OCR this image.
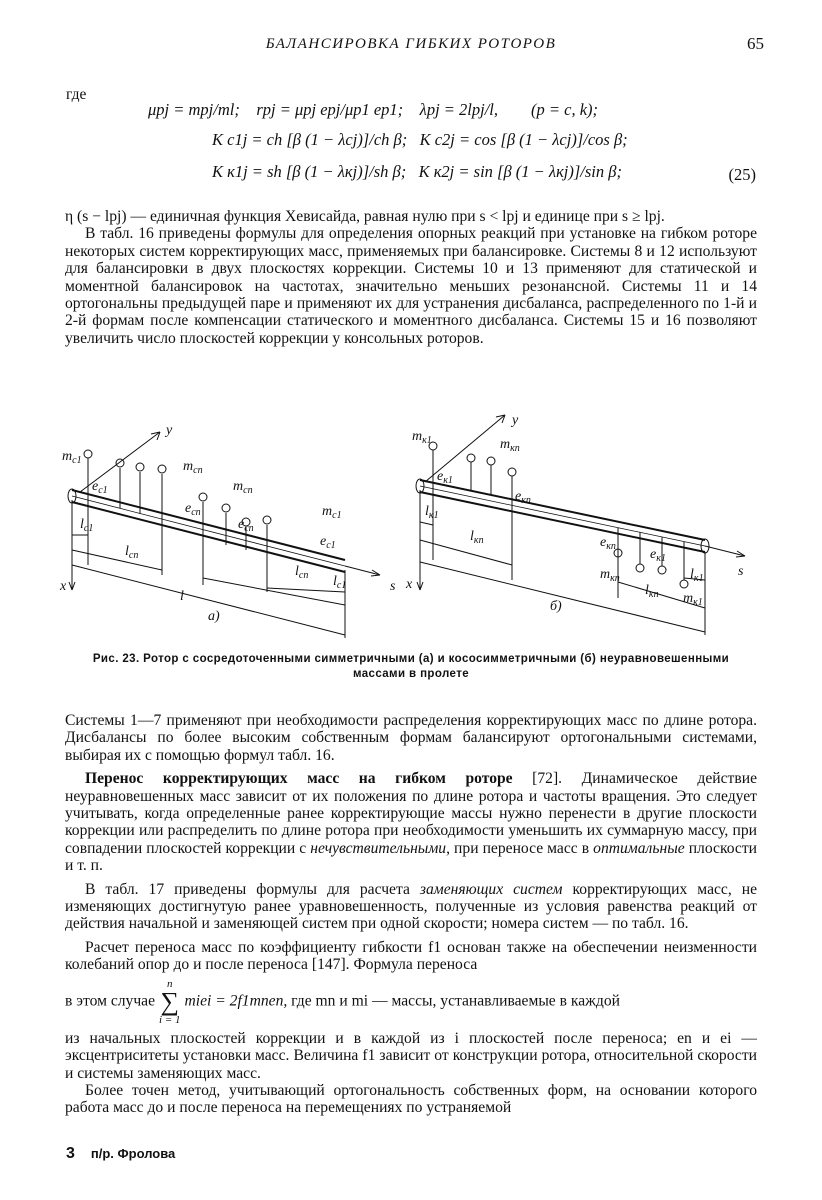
БАЛАНСИРОВКА ГИБКИХ РОТОРОВ	65
где
μpj = mpj/ml;    rpj = μpj epj/μp1 ep1;    λpj = 2lpj/l,        (p = c, k);
K c1j = ch [β (1 − λcj)]/ch β;   K c2j = cos [β (1 − λcj)]/cos β;
K к1j = sh [β (1 − λкj)]/sh β;   K к2j = sin [β (1 − λкj)]/sin β;	(25)

η (s − lpj) — единичная функция Хевисайда, равная нулю при s < lpj и единице при s ≥ lpj.

В табл. 16 приведены формулы для определения опорных реакций при установке на гибком роторе некоторых систем корректирующих масс, применяемых при балансировке. Системы 8 и 12 используют для балансировки в двух плоскостях коррекции. Системы 10 и 13 применяют для статической и моментной балансировок на частотах, значительно меньших резонансной. Системы 11 и 14 ортогональны предыдущей паре и применяют их для устранения дисбаланса, распределенного по 1-й и 2-й формам после компенсации статического и моментного дисбаланса. Системы 15 и 16 позволяют увеличить число плоскостей коррекции у консольных роторов.

y
x	s
$m_{c1}$
$e_{c1}$
$l_{c1}$
$m_{cn}$
$e_{cn}$
$l_{cn}$
$m_{cn}$
$e_{cn}$
$l_{cn}$
$m_{c1}$
$e_{c1}$
$l_{c1}$
l
а)
y
x
s
$m_{к1}$
$e_{к1}$
$l_{к1}$
$m_{кn}$
$e_{кn}$
$l_{кn}$	$e_{кn}$
$m_{кn}$
$e_{к1}$
$l_{кn}$
$l_{к1}$
$m_{к1}$
б)
Рис. 23. Ротор с сосредоточенными симметричными (а) и кососимметричными (б) неуравновешенными массами в пролете

Системы 1—7 применяют при необходимости распределения корректирующих масс по длине ротора. Дисбалансы по более высоким собственным формам балансируют ортогональными системами, выбирая их с помощью формул табл. 16.

Перенос корректирующих масс на гибком роторе [72]. Динамическое действие неуравновешенных масс зависит от их положения по длине ротора и частоты вращения. Это следует учитывать, когда определенные ранее корректирующие массы нужно перенести в другие плоскости коррекции или распределить по длине ротора при необходимости уменьшить их суммарную массу, при совпадении плоскостей коррекции с нечувствительными, при переносе масс в оптимальные плоскости и т. п.

В табл. 17 приведены формулы для расчета заменяющих систем корректирующих масс, не изменяющих достигнутую ранее уравновешенность, полученные из условия равенства реакций от действия начальной и заменяющей систем при одной скорости; номера систем — по табл. 16.

Расчет переноса масс по коэффициенту гибкости f1 основан также на обеспечении неизменности колебаний опор до и после переноса [147]. Формула переноса

в этом случае
n
∑
i = 1
miei = 2f1mnen, где mn и mi — массы, устанавливаемые в каждой

из начальных плоскостей коррекции и в каждой из i плоскостей после переноса; en и ei — эксцентриситеты установки масс. Величина f1 зависит от конструкции ротора, относительной скорости и системы заменяющих масс.

Более точен метод, учитывающий ортогональность собственных форм, на основании которого работа масс до и после переноса на перемещениях по устраняемой

3 п/р. Фролова
